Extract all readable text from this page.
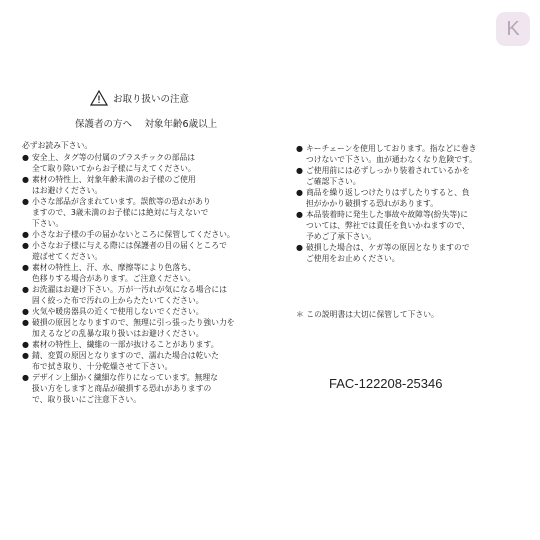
K
お取り扱いの注意
保護者の方へ　 対象年齢6歳以上
必ずお読み下さい。
● 安全上、タグ等の付属のプラスチックの部品は
全て取り除いてからお子様に与えてください。
● 素材の特性上、対象年齢未満のお子様のご使用
はお避けください。
● 小さな部品が含まれています。誤飲等の恐れがあり
ますので、3歳未満のお子様には絶対に与えないで
下さい。
● 小さなお子様の手の届かないところに保管してください。
● 小さなお子様に与える際には保護者の目の届くところで
遊ばせてください。
● 素材の特性上、汗、水、摩擦等により色落ち、
色移りする場合があります。ご注意ください。
● お洗濯はお避け下さい。万が一汚れが気になる場合には
固く絞った布で汚れの上からたたいてください。
● 火気や暖房器具の近くで使用しないでください。
● 破損の原因となりますので、無理に引っ張ったり強い力を
加えるなどの乱暴な取り扱いはお避けください。
● 素材の特性上、繊維の一部が抜けることがあります。
● 錆、変質の原因となりますので、濡れた場合は乾いた
布で拭き取り、十分乾燥させて下さい。
● デザイン上細かく繊細な作りになっています。無理な
扱い方をしますと商品が破損する恐れがありますの
で、取り扱いにご注意下さい。
● キーチェーンを使用しております。指などに巻き
つけないで下さい。血が通わなくなり危険です。
● ご使用前には必ずしっかり装着されているかを
ご確認下さい。
● 商品を繰り返しつけたりはずしたりすると、負
担がかかり破損する恐れがあります。
● 本品装着時に発生した事故や故障等(紛失等)に
ついては、弊社では責任を負いかねますので、
予めご了承下さい。
● 破損した場合は、ケガ等の原因となりますので
ご使用をお止めください。
＊ この説明書は大切に保管して下さい。
FAC-122208-25346
